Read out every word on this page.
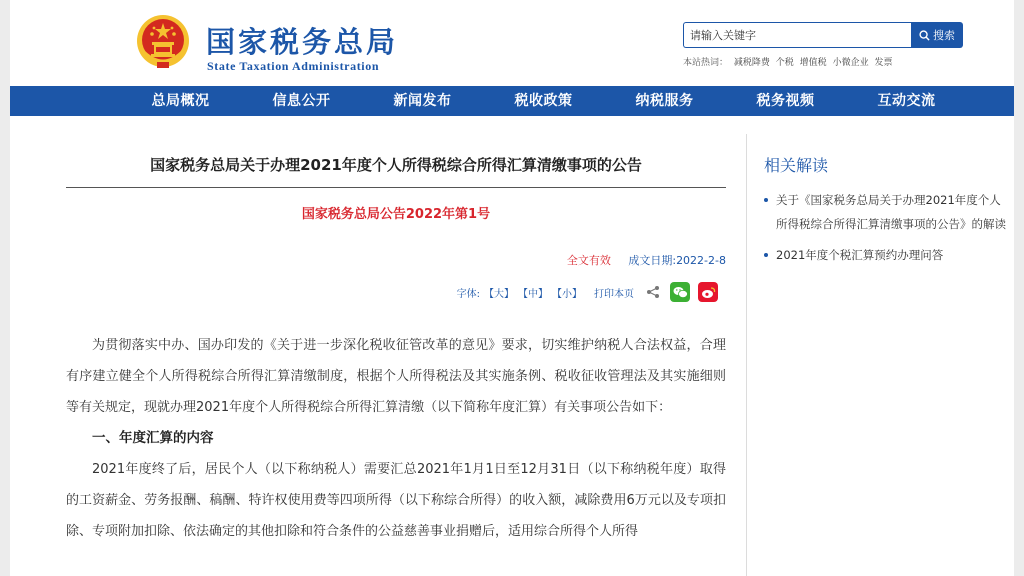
国家税务总局
State Taxation Administration
请输入关键字
搜索
本站热词： 减税降费 个税 增值税 小微企业 发票
总局概况	信息公开	新闻发布	税收政策	纳税服务	税务视频	互动交流
国家税务总局关于办理2021年度个人所得税综合所得汇算清缴事项的公告
国家税务总局公告2022年第1号
全文有效 成文日期:2022-2-8
字体: 【大】 【中】 【小】 打印本页

为贯彻落实中办、国办印发的《关于进一步深化税收征管改革的意见》要求，切实维护纳税人合法权益，合理有序建立健全个人所得税综合所得汇算清缴制度，根据个人所得税法及其实施条例、税收征收管理法及其实施细则等有关规定，现就办理2021年度个人所得税综合所得汇算清缴（以下简称年度汇算）有关事项公告如下：

一、年度汇算的内容

2021年度终了后，居民个人（以下称纳税人）需要汇总2021年1月1日至12月31日（以下称纳税年度）取得的工资薪金、劳务报酬、稿酬、特许权使用费等四项所得（以下称综合所得）的收入额，减除费用6万元以及专项扣除、专项附加扣除、依法确定的其他扣除和符合条件的公益慈善事业捐赠后，适用综合所得个人所得

相关解读
关于《国家税务总局关于办理2021年度个人所得税综合所得汇算清缴事项的公告》的解读
2021年度个税汇算预约办理问答
